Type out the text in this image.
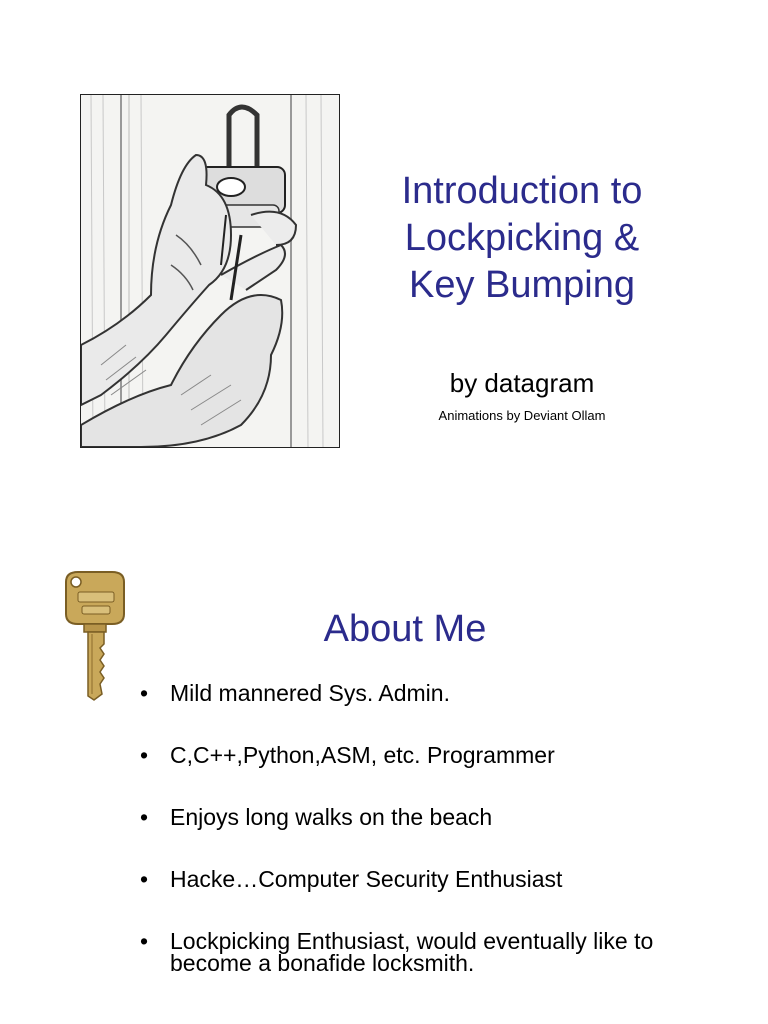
Introduction to
Lockpicking &
Key Bumping
by datagram
Animations by Deviant Ollam
About Me
• Mild mannered Sys. Admin.
• C,C++,Python,ASM, etc. Programmer
• Enjoys long walks on the beach
• Hacke…Computer Security Enthusiast
• Lockpicking Enthusiast, would eventually like to become a bonafide locksmith.
